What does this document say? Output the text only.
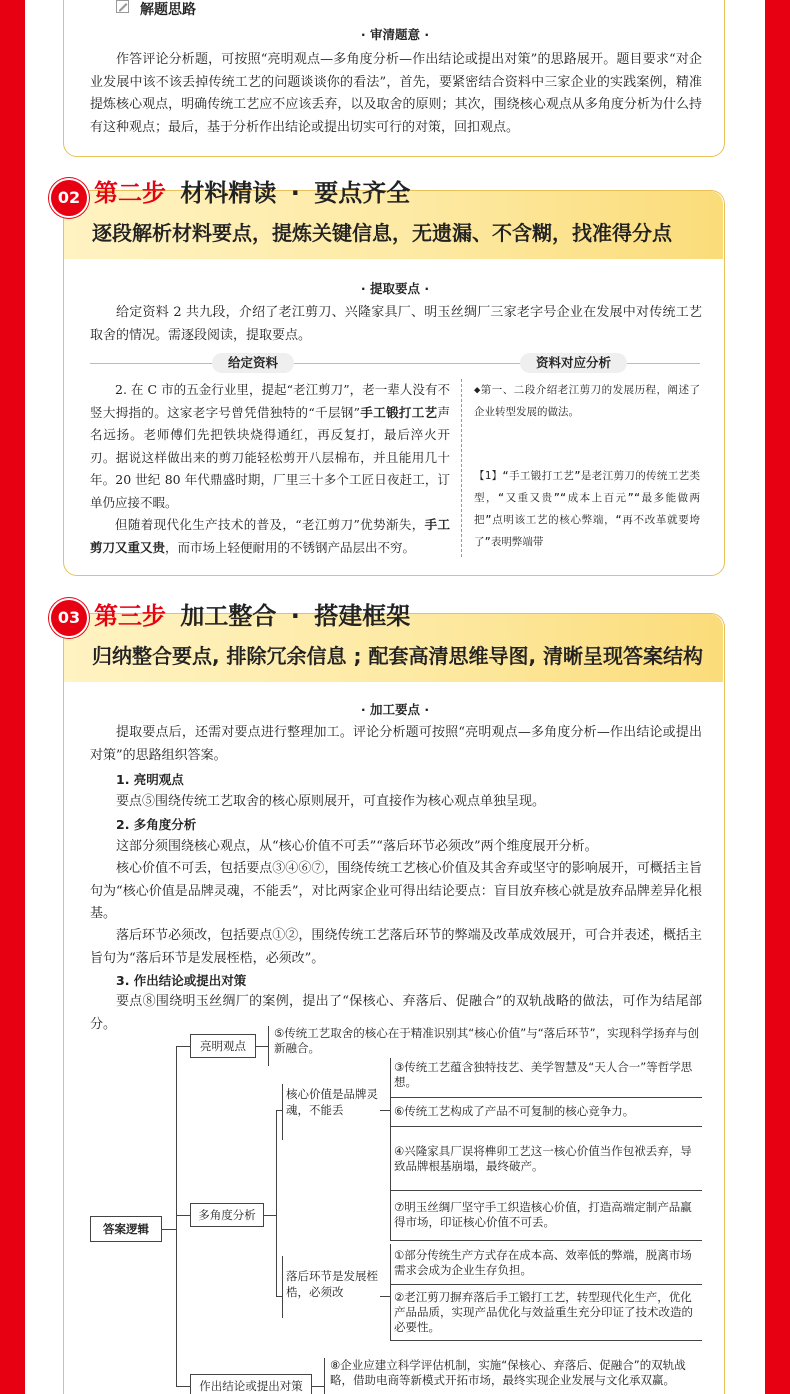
解题思路
· 审清题意 ·

作答评论分析题，可按照“亮明观点—多角度分析—作出结论或提出对策”的思路展开。题目要求“对企业发展中该不该丢掉传统工艺的问题谈谈你的看法”，首先，要紧密结合资料中三家企业的实践案例，精准提炼核心观点，明确传统工艺应不应该丢弃，以及取舍的原则；其次，围绕核心观点从多角度分析为什么持有这种观点；最后，基于分析作出结论或提出切实可行的对策，回扣观点。

第二步 材料精读 · 要点齐全
逐段解析材料要点，提炼关键信息，无遗漏、不含糊，找准得分点
· 提取要点 ·

给定资料 2 共九段，介绍了老江剪刀、兴隆家具厂、明玉丝绸厂三家老字号企业在发展中对传统工艺取舍的情况。需逐段阅读，提取要点。

给定资料	资料对应分析

2. 在 C 市的五金行业里，提起“老江剪刀”，老一辈人没有不竖大拇指的。这家老字号曾凭借独特的“千层钢”手工锻打工艺声名远扬。老师傅们先把铁块烧得通红，再反复打，最后淬火开刃。据说这样做出来的剪刀能轻松剪开八层棉布，并且能用几十年。20 世纪 80 年代鼎盛时期，厂里三十多个工匠日夜赶工，订单仍应接不暇。

但随着现代化生产技术的普及，“老江剪刀”优势渐失，手工剪刀又重又贵，而市场上轻便耐用的不锈钢产品层出不穷。

◆第一、二段介绍老江剪刀的发展历程，阐述了企业转型发展的做法。

【1】“手工锻打工艺”是老江剪刀的传统工艺类型，“又重又贵”“成本上百元”“最多能做两把”点明该工艺的核心弊端，“再不改革就要垮了”表明弊端带

02
第三步 加工整合 · 搭建框架
归纳整合要点, 排除冗余信息 ; 配套高清思维导图, 清晰呈现答案结构
· 加工要点 ·

提取要点后，还需对要点进行整理加工。评论分析题可按照“亮明观点—多角度分析—作出结论或提出对策”的思路组织答案。

1. 亮明观点

要点⑤围绕传统工艺取舍的核心原则展开，可直接作为核心观点单独呈现。

2. 多角度分析

这部分须围绕核心观点，从“核心价值不可丢”“落后环节必须改”两个维度展开分析。

核心价值不可丢，包括要点③④⑥⑦，围绕传统工艺核心价值及其舍弃或坚守的影响展开，可概括主旨句为“核心价值是品牌灵魂，不能丢”，对比两家企业可得出结论要点：盲目放弃核心就是放弃品牌差异化根基。

落后环节必须改，包括要点①②，围绕传统工艺落后环节的弊端及改革成效展开，可合并表述，概括主旨句为“落后环节是发展桎梏，必须改”。

3. 作出结论或提出对策

要点⑧围绕明玉丝绸厂的案例，提出了“保核心、弃落后、促融合”的双轨战略的做法，可作为结尾部分。

答案逻辑
亮明观点

⑤传统工艺取舍的核心在于精准识别其“核心价值”与“落后环节”，实现科学扬弃与创新融合。

多角度分析

核心价值是品牌灵魂，不能丢

③传统工艺蕴含独特技艺、美学智慧及“天人合一”等哲学思想。

⑥传统工艺构成了产品不可复制的核心竞争力。

④兴隆家具厂误将榫卯工艺这一核心价值当作包袱丢弃，导致品牌根基崩塌，最终破产。

⑦明玉丝绸厂坚守手工织造核心价值，打造高端定制产品赢得市场，印证核心价值不可丢。

落后环节是发展桎梏，必须改

①部分传统生产方式存在成本高、效率低的弊端，脱离市场需求会成为企业生存负担。

②老江剪刀摒弃落后手工锻打工艺，转型现代化生产，优化产品品质，实现产品优化与效益重生充分印证了技术改造的必要性。

作出结论或提出对策

⑧企业应建立科学评估机制，实施“保核心、弃落后、促融合”的双轨战略，借助电商等新模式开拓市场，最终实现企业发展与文化承双赢。

03
